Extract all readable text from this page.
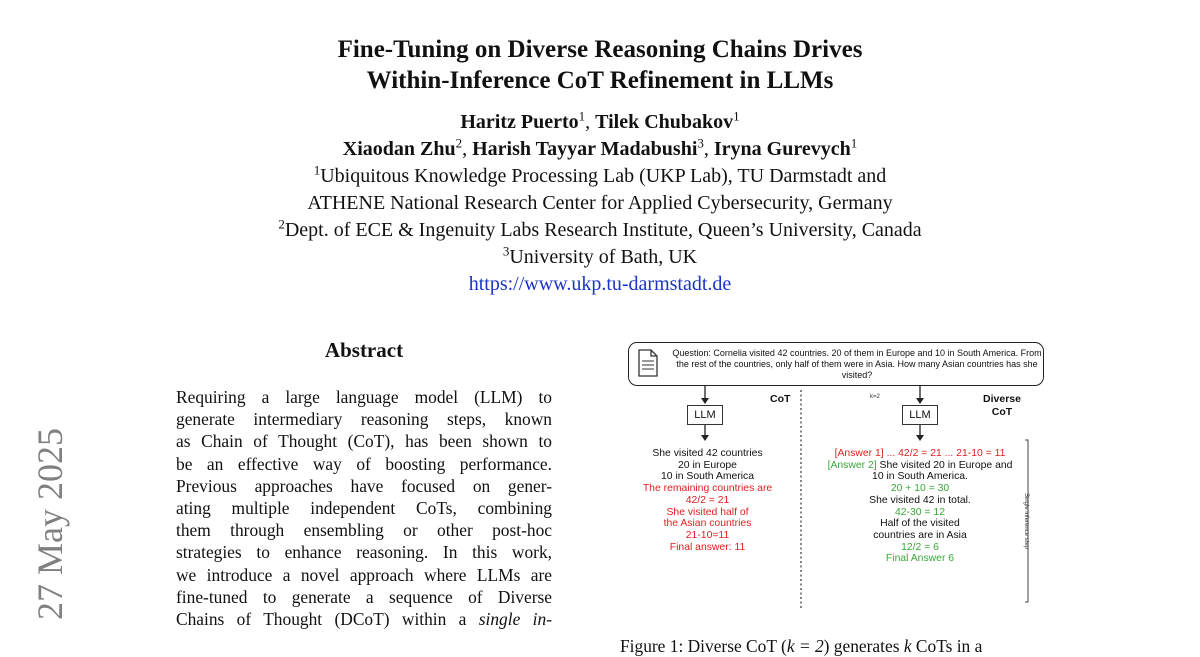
Fine-Tuning on Diverse Reasoning Chains Drives
Within-Inference CoT Refinement in LLMs
Haritz Puerto$^1$, Tilek Chubakov$^1$
Xiaodan Zhu$^2$, Harish Tayyar Madabushi$^3$, Iryna Gurevych$^1$
$^1$Ubiquitous Knowledge Processing Lab (UKP Lab), TU Darmstadt and
ATHENE National Research Center for Applied Cybersecurity, Germany
$^2$Dept. of ECE & Ingenuity Labs Research Institute, Queen’s University, Canada
$^3$University of Bath, UK
https://www.ukp.tu-darmstadt.de
27 May 2025
Abstract
Requiring a large language model (LLM) to
generate intermediary reasoning steps, known
as Chain of Thought (CoT), has been shown to
be an effective way of boosting performance.
Previous approaches have focused on gener-
ating multiple independent CoTs, combining
them through ensembling or other post-hoc
strategies to enhance reasoning. In this work,
we introduce a novel approach where LLMs are
fine-tuned to generate a sequence of Diverse
Chains of Thought (DCoT) within a single in-
Question: Cornelia visited 42 countries. 20 of them in Europe and 10 in South America. From the rest of the countries, only half of them were in Asia. How many Asian countries has she visited?
LLM	LLM
CoT	k=2	Diverse
CoT
Single inference step
She visited 42 countries
20 in Europe
10 in South America
The remaining countries are
42/2 = 21
She visited half of
the Asian countries
21-10=11
Final answer: 11
[Answer 1] ... 42/2 = 21 ... 21-10 = 11
[Answer 2] She visited 20 in Europe and
10 in South America.
20 + 10 = 30
She visited 42 in total.
42-30 = 12
Half of the visited
countries are in Asia
12/2 = 6
Final Answer 6
Figure 1: Diverse CoT (k = 2) generates k CoTs in a
